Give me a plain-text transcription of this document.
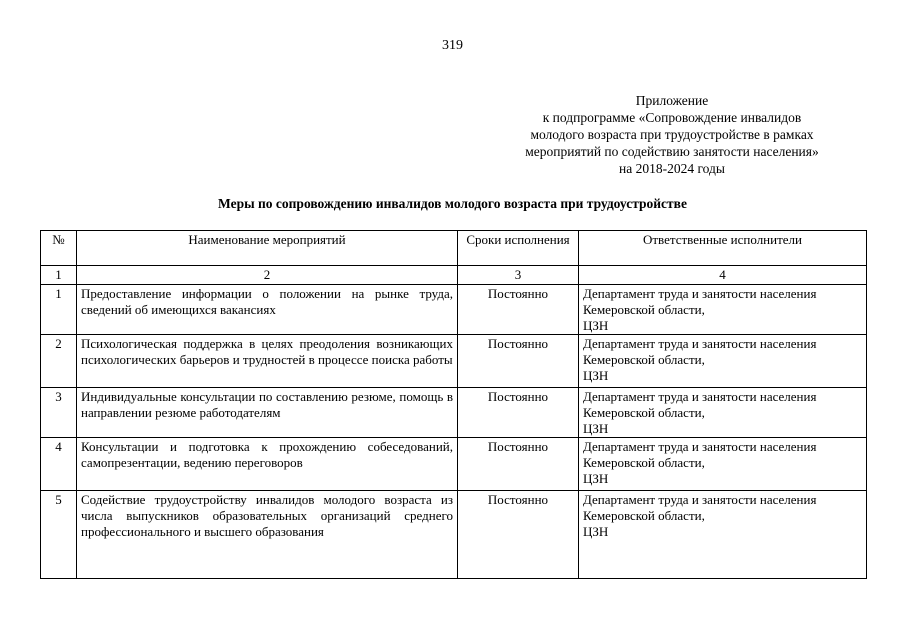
319
Приложение
к подпрограмме «Сопровождение инвалидов
молодого возраста при трудоустройстве в рамках
мероприятий по содействию занятости населения»
на 2018-2024 годы
Меры по сопровождению инвалидов молодого возраста при трудоустройстве
№	Наименование мероприятий	Сроки исполнения	Ответственные исполнители
1	2	3	4
1	Предоставление информации о положении на рынке труда, сведений об имеющихся вакансиях	Постоянно	Департамент труда и занятости населения
Кемеровской области,
ЦЗН

2	Психологическая поддержка в целях преодоления возникающих психологических барьеров и трудностей в процессе поиска работы	Постоянно	Департамент труда и занятости населения
Кемеровской области,
ЦЗН

3	Индивидуальные консультации по составлению резюме, помощь в направлении резюме работодателям	Постоянно	Департамент труда и занятости населения
Кемеровской области,
ЦЗН

4	Консультации и подготовка к прохождению собеседований, самопрезентации, ведению переговоров	Постоянно	Департамент труда и занятости населения
Кемеровской области,
ЦЗН

5	Содействие трудоустройству инвалидов молодого возраста из числа выпускников образовательных организаций среднего профессионального и высшего образования	Постоянно	Департамент труда и занятости населения
Кемеровской области,
ЦЗН
